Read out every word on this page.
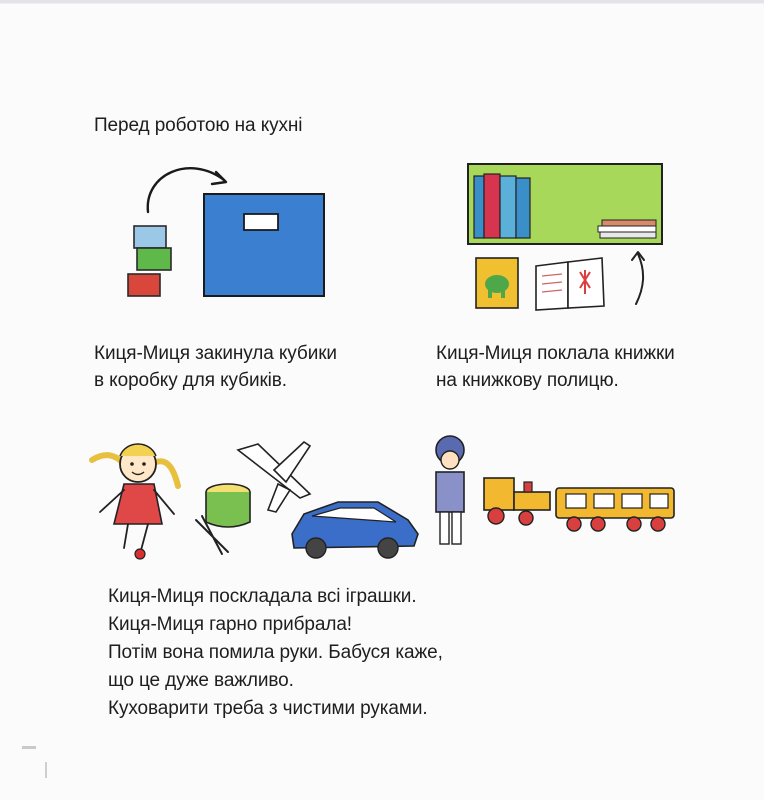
Перед роботою на кухні
Киця-Миця закинула кубики
в коробку для кубиків.
Киця-Миця поклала книжки
на книжкову полицю.
Киця-Миця поскладала всі іграшки.
Киця-Миця гарно прибрала!
Потім вона помила руки. Бабуся каже,
що це дуже важливо.
Куховарити треба з чистими руками.
